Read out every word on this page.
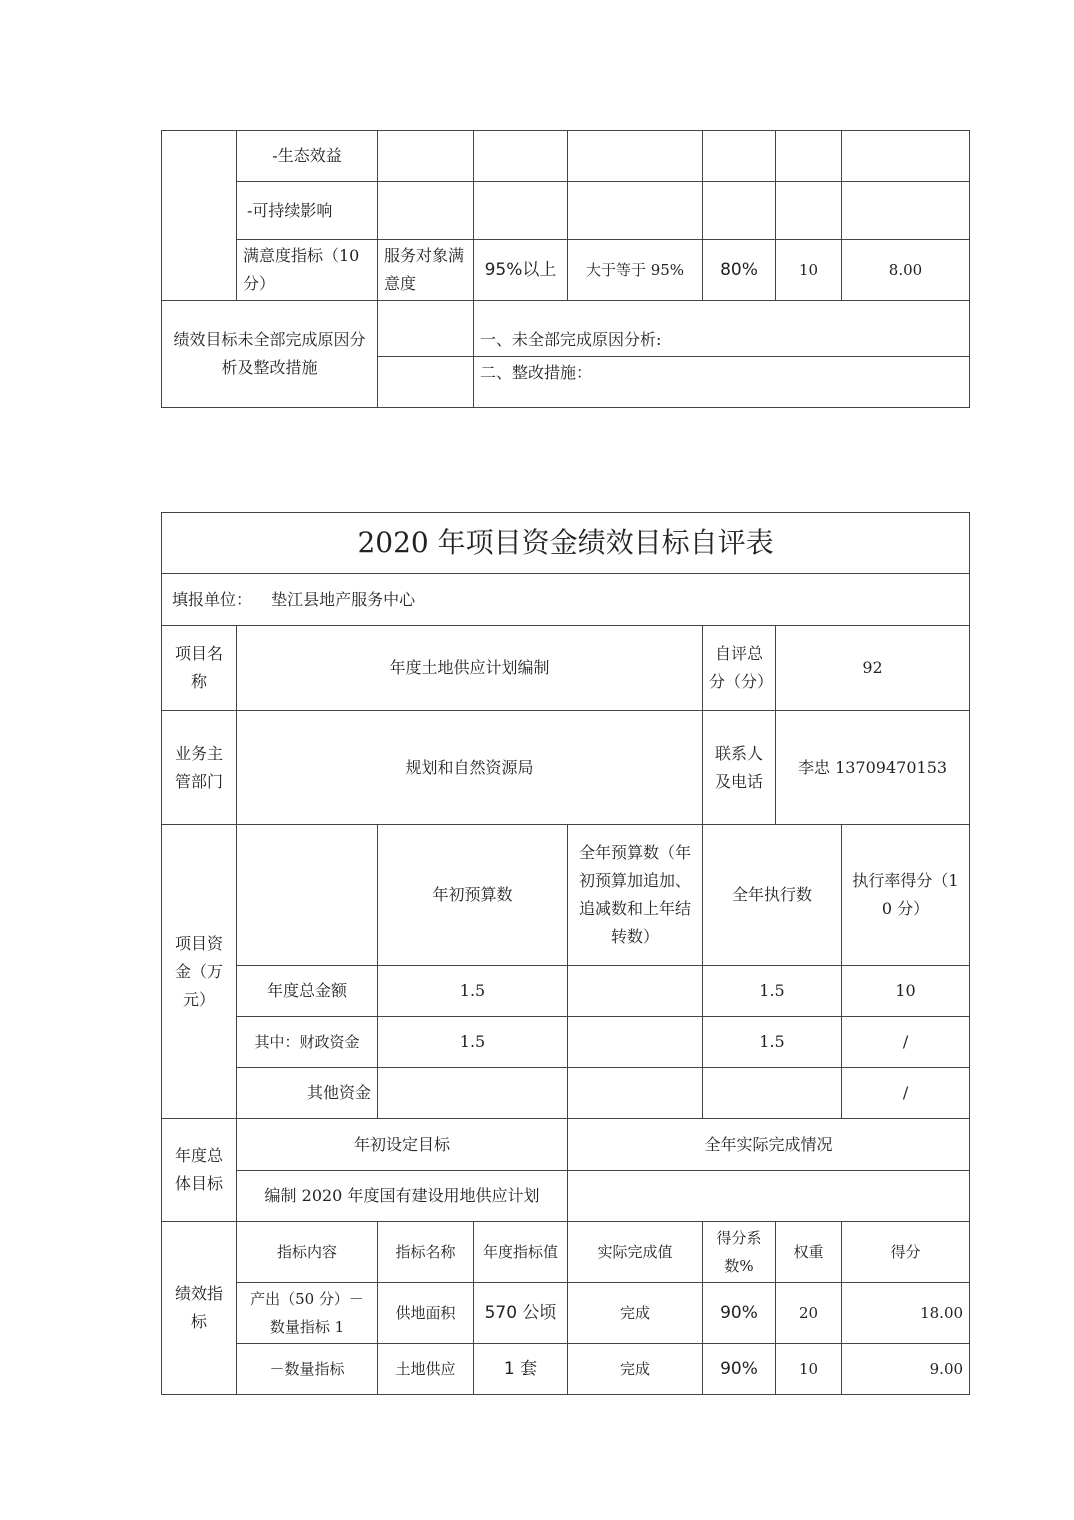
	-生态效益						
	-可持续影响						
	满意度指标（10分）	服务对象满意度	95%以上	大于等于 95%	80%	10	8.00
绩效目标未全部完成原因分析及整改措施			一、未全部完成原因分析:				
			二、整改措施：				
2020 年项目资金绩效目标自评表							
填报单位： 垫江县地产服务中心							
项目名称	年度土地供应计划编制				自评总分（分）	92	
业务主管部门	规划和自然资源局				联系人及电话	李忠 13709470153	
项目资金（万元）		年初预算数		全年预算数（年初预算加追加、追减数和上年结转数）	全年执行数		执行率得分（10 分）
	年度总金额	1.5			1.5		10
	其中：财政资金	1.5			1.5		/
	其他资金						/
年度总体目标	年初设定目标			全年实际完成情况			
	编制 2020 年度国有建设用地供应计划						
绩效指标	指标内容	指标名称	年度指标值	实际完成值	得分系数%	权重	得分
	产出（50 分）－数量指标 1	供地面积	570 公顷	完成	90%	20	18.00
	－数量指标	土地供应	1 套	完成	90%	10	9.00
